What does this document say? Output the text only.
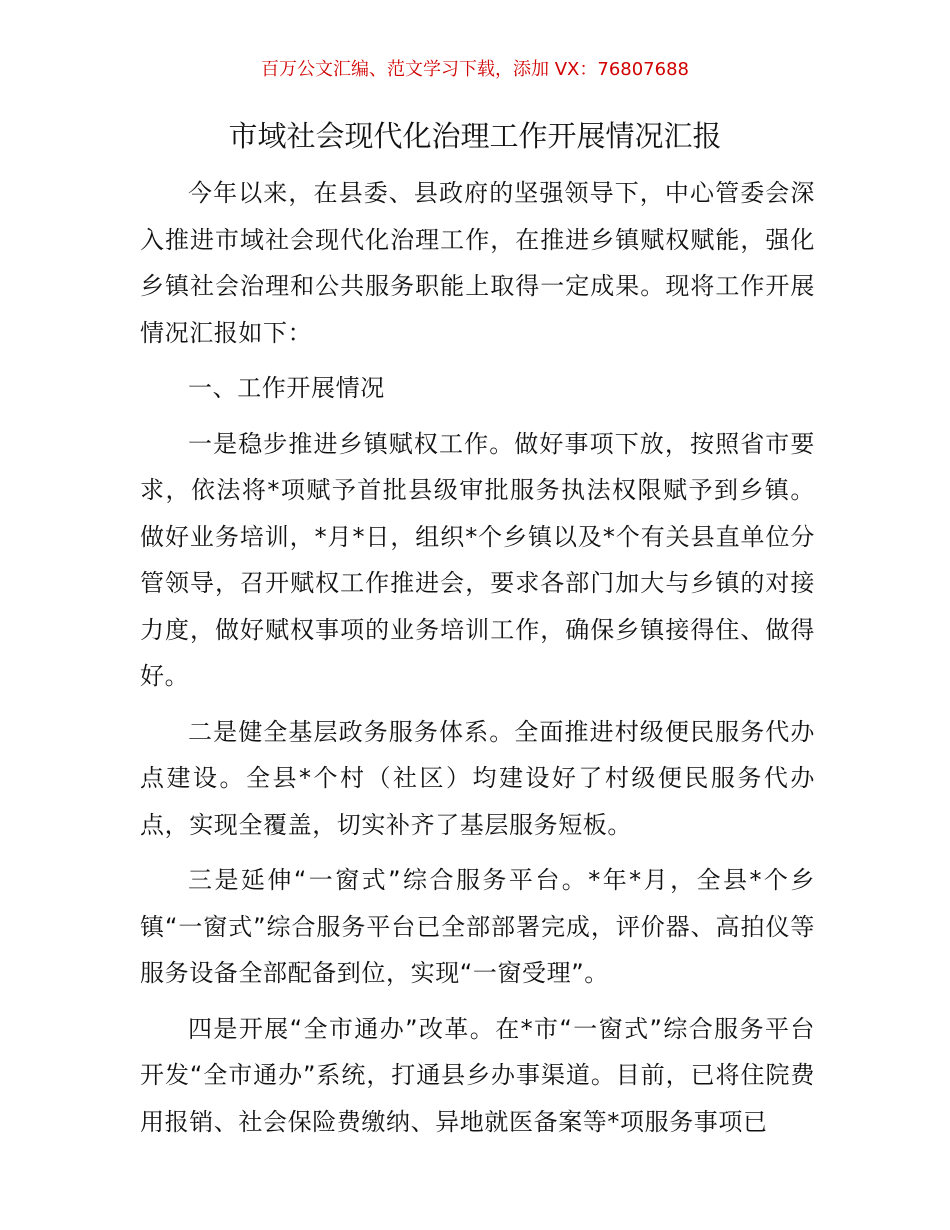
百万公文汇编、范文学习下载，添加 VX：76807688
市域社会现代化治理工作开展情况汇报

今年以来，在县委、县政府的坚强领导下，中心管委会深入推进市域社会现代化治理工作，在推进乡镇赋权赋能，强化乡镇社会治理和公共服务职能上取得一定成果。现将工作开展情况汇报如下：

一、工作开展情况

一是稳步推进乡镇赋权工作。做好事项下放，按照省市要求，依法将*项赋予首批县级审批服务执法权限赋予到乡镇。做好业务培训，*月*日，组织*个乡镇以及*个有关县直单位分管领导，召开赋权工作推进会，要求各部门加大与乡镇的对接力度，做好赋权事项的业务培训工作，确保乡镇接得住、做得好。

二是健全基层政务服务体系。全面推进村级便民服务代办点建设。全县*个村（社区）均建设好了村级便民服务代办点，实现全覆盖，切实补齐了基层服务短板。

三是延伸“一窗式”综合服务平台。*年*月，全县*个乡镇“一窗式”综合服务平台已全部部署完成，评价器、高拍仪等服务设备全部配备到位，实现“一窗受理”。

四是开展“全市通办”改革。在*市“一窗式”综合服务平台开发“全市通办”系统，打通县乡办事渠道。目前，已将住院费用报销、社会保险费缴纳、异地就医备案等*项服务事项已
